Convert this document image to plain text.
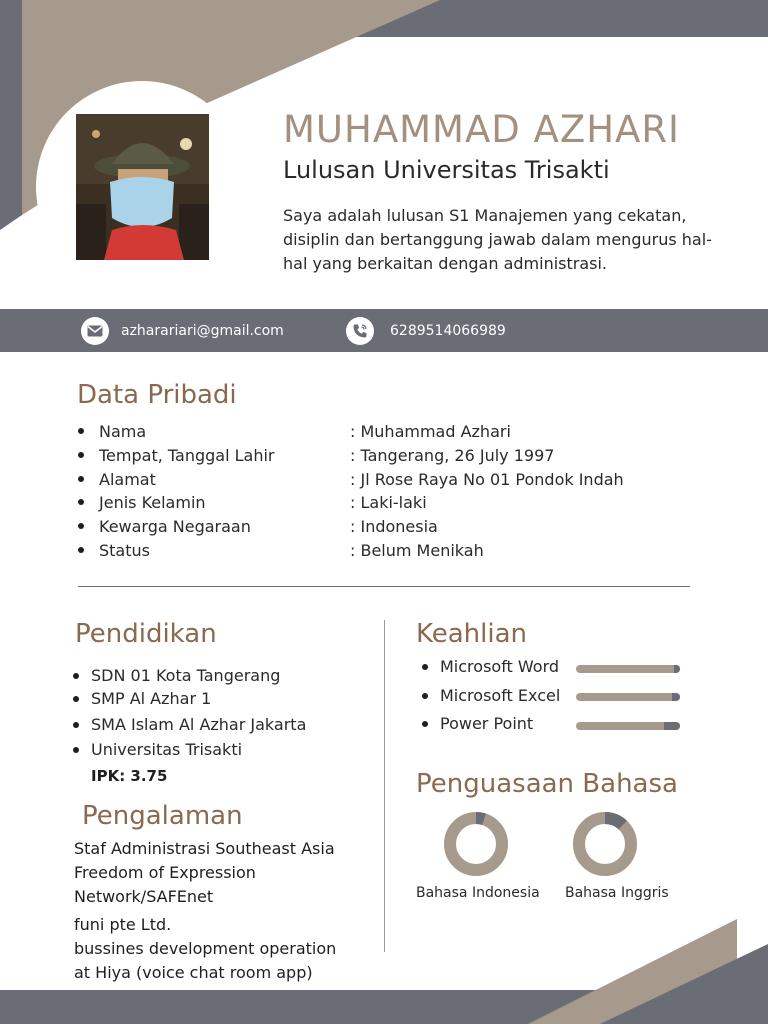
MUHAMMAD AZHARI
Lulusan Universitas Trisakti
Saya adalah lulusan S1 Manajemen yang cekatan, disiplin dan bertanggung jawab dalam mengurus hal-hal yang berkaitan dengan administrasi.
azharariari@gmail.com	6289514066989
Data Pribadi
Nama	: Muhammad Azhari
Tempat, Tanggal Lahir	: Tangerang, 26 July 1997
Alamat	: Jl Rose Raya No 01 Pondok Indah
Jenis Kelamin	: Laki-laki
Kewarga Negaraan	: Indonesia
Status	: Belum Menikah
Pendidikan
SDN 01 Kota Tangerang
SMP Al Azhar 1
SMA Islam Al Azhar Jakarta
Universitas Trisakti
IPK: 3.75
Pengalaman
Staf Administrasi Southeast Asia
Freedom of Expression
Network/SAFEnet
funi pte Ltd.
bussines development operation
at Hiya (voice chat room app)
Keahlian
Microsoft Word
Microsoft Excel
Power Point
Penguasaan Bahasa
Bahasa Indonesia Bahasa Inggris
